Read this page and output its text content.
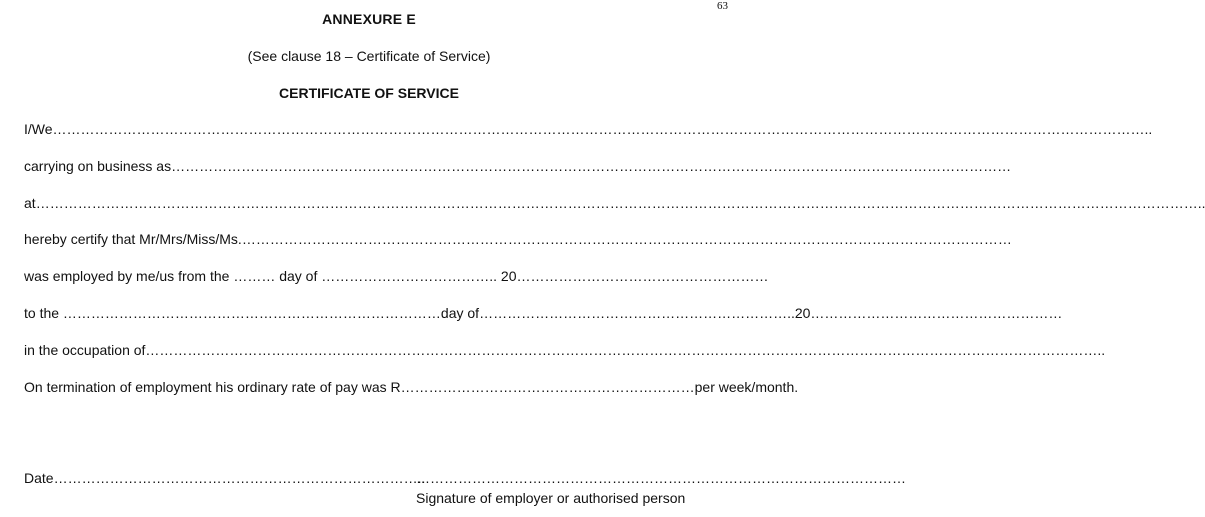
63
ANNEXURE E
(See clause 18 – Certificate of Service)
CERTIFICATE OF SERVICE
I/We ………………………………………………………………………………………………………………………………………………………………………………………………………………..
carrying on business as ………………………………………………………………………………………………………………………………………………………………
at ……………………………………………………………………………………………………………………………………………………………………………………………………………………………..
hereby certify that Mr/Mrs/Miss/Ms. …………………………………………………………………………………………………………………………………………………
was employed by me/us from the
………
day of
………………………………..
20 ………………………………………………
to the
……………………………………………………………………… day of ………………………………………………………….. 20 ………………………………………………
in the occupation of ……………………………………………………………………………………………………………………………………………………………………………………..
On termination of employment his ordinary rate of pay was R ……………………………………………………… per week/month.
Date……………………………………………………………………..
……………………………………………………………………………………………
Signature of employer or authorised person
